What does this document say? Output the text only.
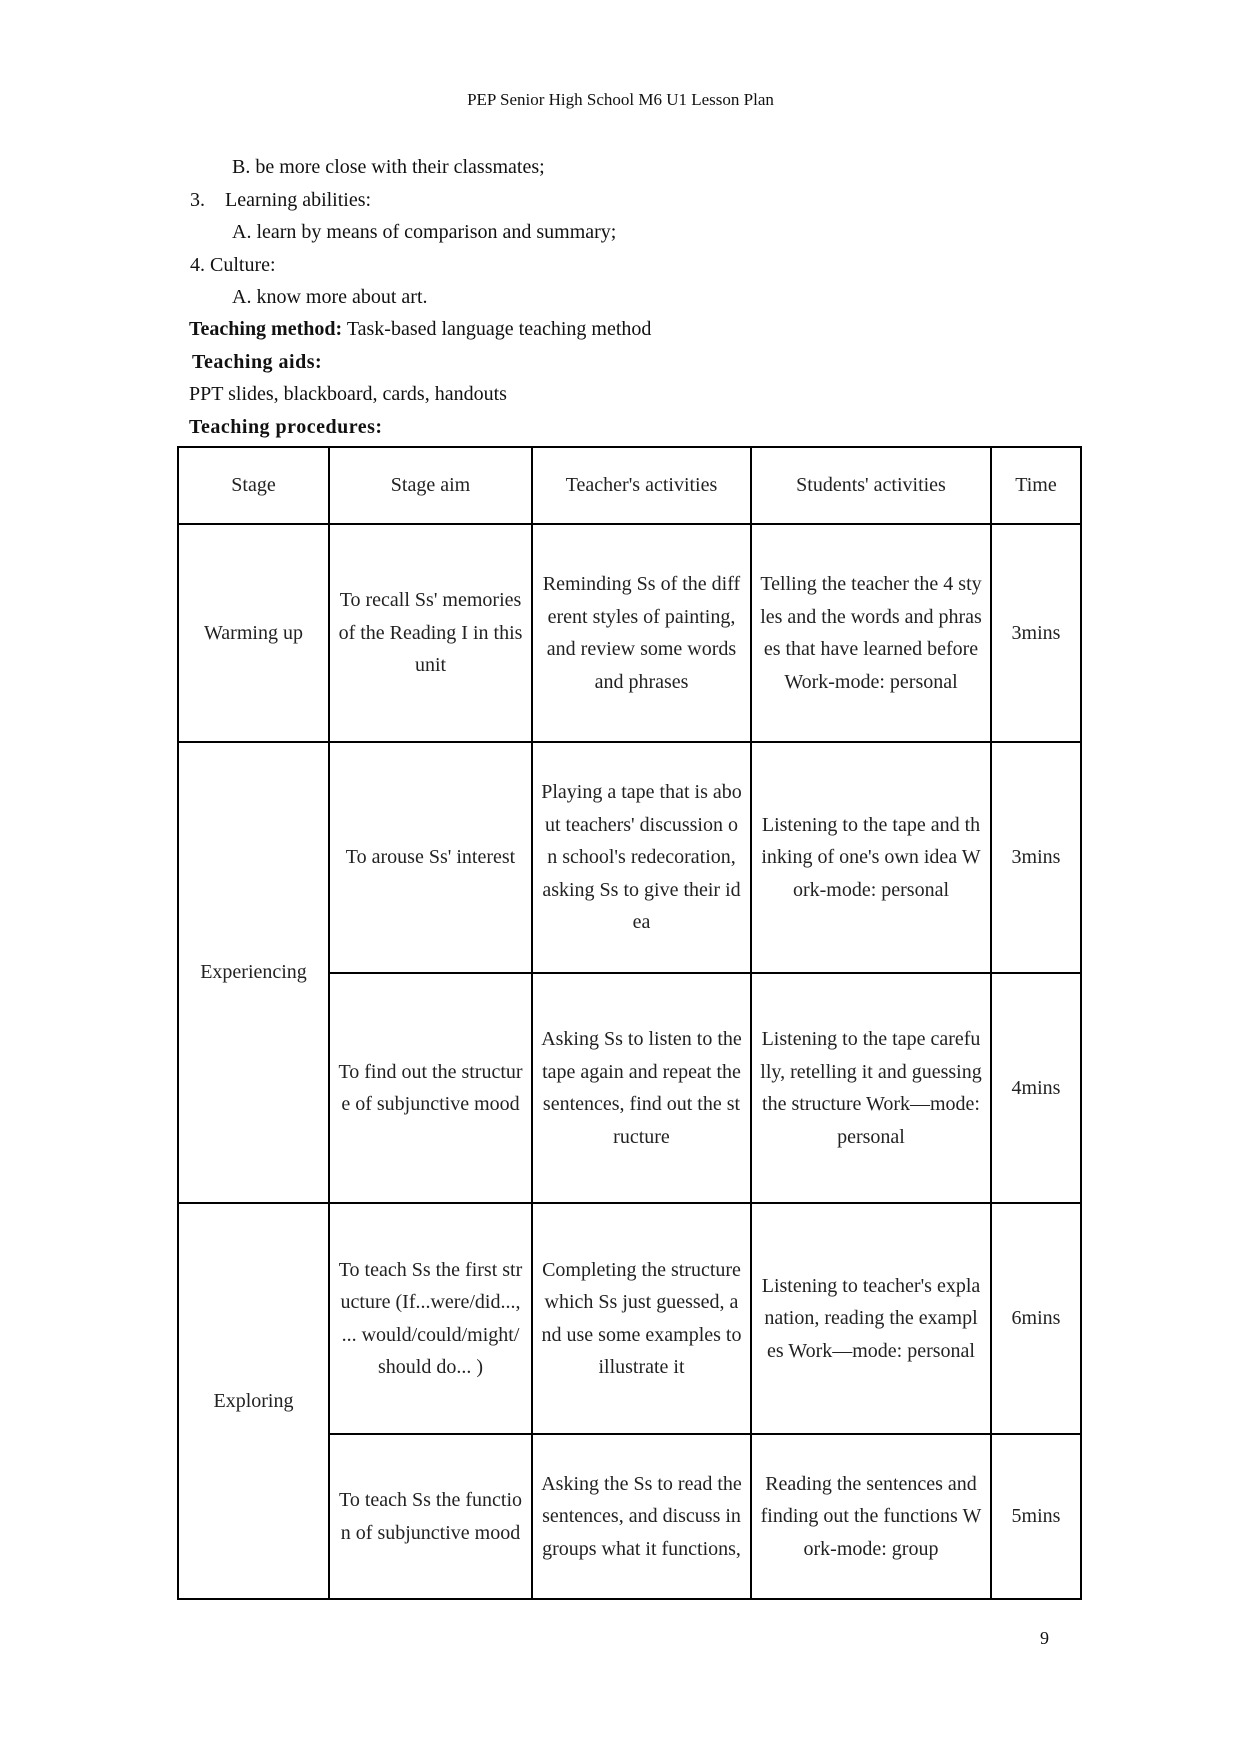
PEP Senior High School M6 U1 Lesson Plan
B. be more close with their classmates;
3. Learning abilities:
A. learn by means of comparison and summary;
4. Culture:
A. know more about art.
Teaching method: Task-based language teaching method
Teaching aids:
PPT slides, blackboard, cards, handouts
Teaching procedures:
Stage	Stage aim	Teacher's activities	Students' activities	Time
Warming up	To recall Ss' memories of the Reading I in this unit	Reminding Ss of the different styles of painting, and review some words and phrases	Telling the teacher the 4 styles and the words and phrases that have learned before Work-mode: personal	3mins
Experiencing	To arouse Ss' interest	Playing a tape that is about teachers' discussion on school's redecoration, asking Ss to give their idea	Listening to the tape and thinking of one's own idea Work-mode: personal	3mins
	To find out the structure of subjunctive mood	Asking Ss to listen to the tape again and repeat the sentences, find out the structure	Listening to the tape carefully, retelling it and guessing the structure Work—mode: personal	4mins
Exploring	To teach Ss the first structure (If...were/did..., ... would/could/might/should do... )	Completing the structure which Ss just guessed, and use some examples to illustrate it	Listening to teacher's explanation, reading the examples Work—mode: personal	6mins
	To teach Ss the function of subjunctive mood	Asking the Ss to read the sentences, and discuss in groups what it functions,	Reading the sentences and finding out the functions Work-mode: group	5mins
9
